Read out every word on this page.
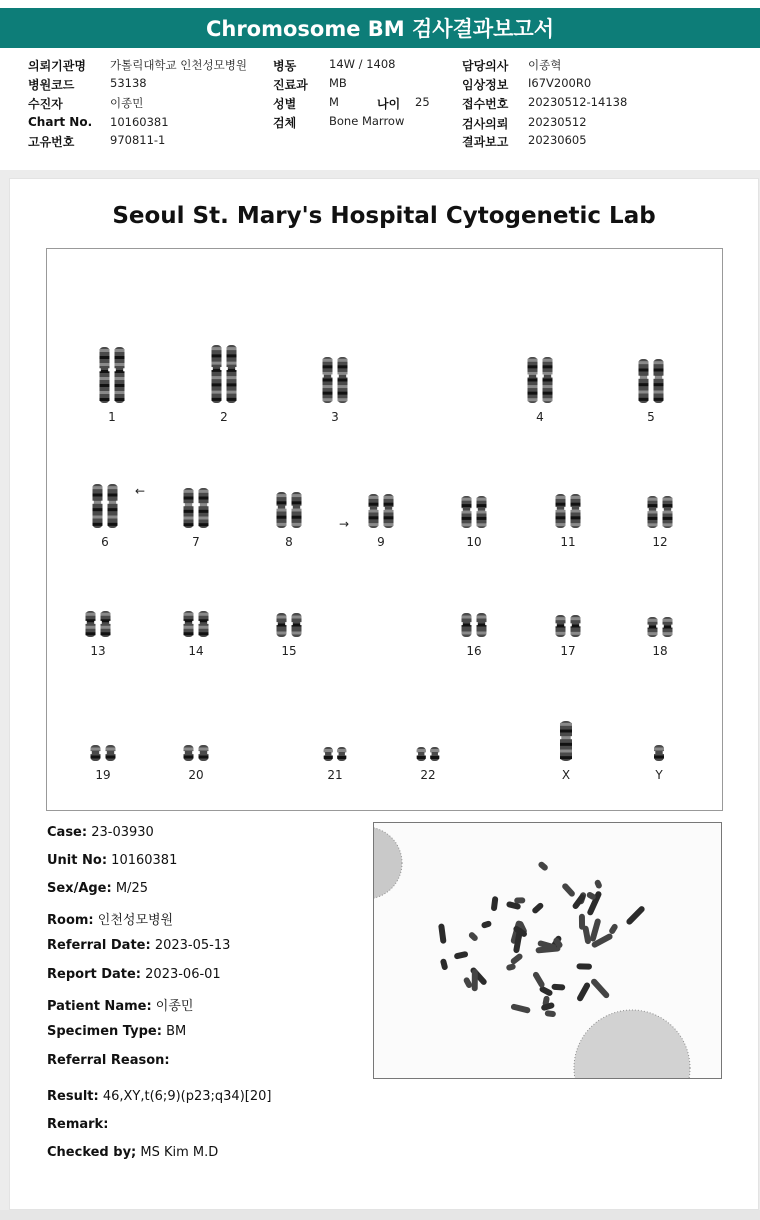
Chromosome BM 검사결과보고서
의뢰기관명 가톨릭대학교 인천성모병원
병원코드	53138
수진자	이종민
Chart No. 10160381
고유번호	970811-1
병동	14W / 1408
진료과 MB
성별	M	나이 25
검체	Bone Marrow
담당의사 이종혁
임상정보 I67V200R0
접수번호 20230512-14138
검사의뢰 20230512
결과보고 20230605
Seoul St. Mary's Hospital Cytogenetic Lab
1	2	3	4	5
6	7	8	9	10	11	12
13	14	15	16	17	18
19	20	21	22	X	Y
←
→
Case: 23-03930
Unit No: 10160381
Sex/Age: M/25
Room: 인천성모병원
Referral Date: 2023-05-13
Report Date: 2023-06-01
Patient Name: 이종민
Specimen Type: BM
Referral Reason:
Result: 46,XY,t(6;9)(p23;q34)[20]
Remark:
Checked by; MS Kim M.D
